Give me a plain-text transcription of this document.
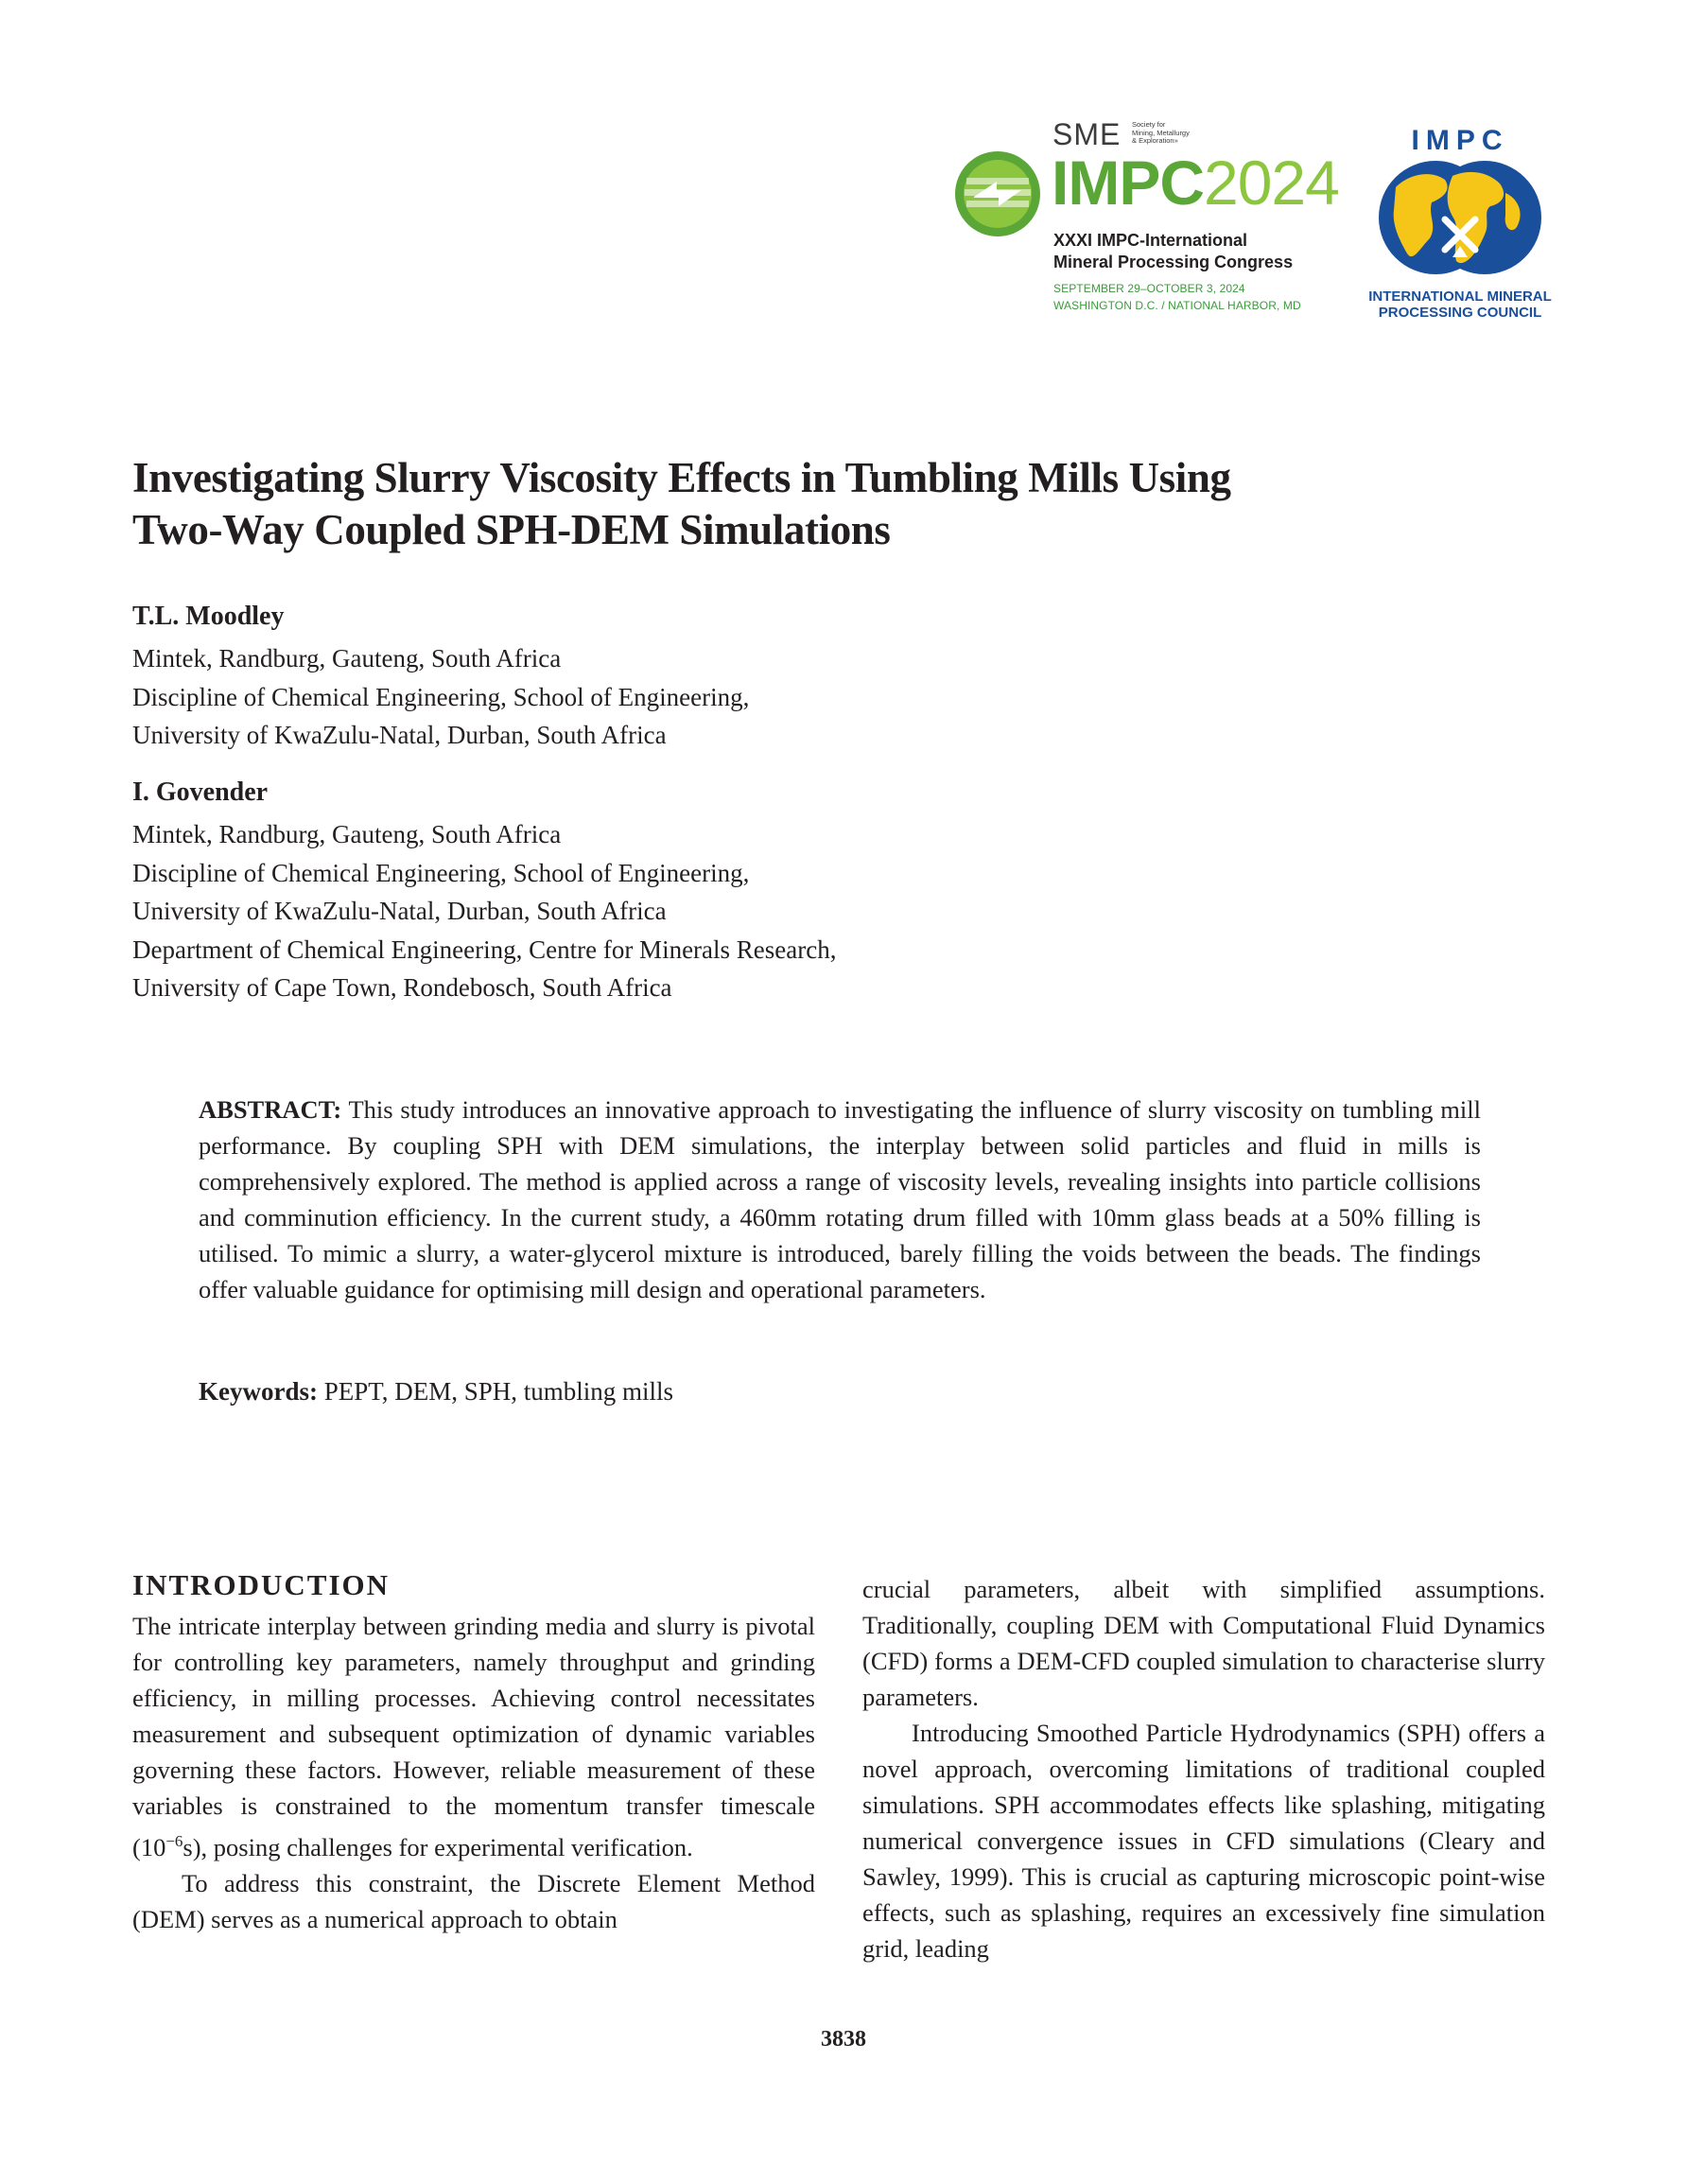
SME Society for
Mining, Metallurgy
& Exploration»
IMPC2024
XXXI IMPC-International
Mineral Processing Congress
SEPTEMBER 29–OCTOBER 3, 2024
WASHINGTON D.C. / NATIONAL HARBOR, MD
IMPC
INTERNATIONAL MINERAL
PROCESSING COUNCIL
Investigating Slurry Viscosity Effects in Tumbling Mills Using
Two-Way Coupled SPH-DEM Simulations
T.L. Moodley
Mintek, Randburg, Gauteng, South Africa
Discipline of Chemical Engineering, School of Engineering,
University of KwaZulu-Natal, Durban, South Africa
I. Govender
Mintek, Randburg, Gauteng, South Africa
Discipline of Chemical Engineering, School of Engineering,
University of KwaZulu-Natal, Durban, South Africa
Department of Chemical Engineering, Centre for Minerals Research,
University of Cape Town, Rondebosch, South Africa

ABSTRACT: This study introduces an innovative approach to investigating the influence of slurry viscosity on tumbling mill performance. By coupling SPH with DEM simulations, the interplay between solid particles and fluid in mills is comprehensively explored. The method is applied across a range of viscosity levels, revealing insights into particle collisions and comminution efficiency. In the current study, a 460mm rotating drum filled with 10mm glass beads at a 50% filling is utilised. To mimic a slurry, a water-glycerol mixture is introduced, barely filling the voids between the beads. The findings offer valuable guidance for optimising mill design and operational parameters.

Keywords: PEPT, DEM, SPH, tumbling mills

INTRODUCTION

The intricate interplay between grinding media and slurry is pivotal for controlling key parameters, namely throughput and grinding efficiency, in milling processes. Achieving control necessitates measurement and subsequent optimization of dynamic variables governing these factors. However, reliable measurement of these variables is constrained to the momentum transfer timescale $(10^{-6}s)$, posing challenges for experimental verification.

To address this constraint, the Discrete Element Method (DEM) serves as a numerical approach to obtain

crucial parameters, albeit with simplified assumptions. Traditionally, coupling DEM with Computational Fluid Dynamics (CFD) forms a DEM-CFD coupled simulation to characterise slurry parameters.

Introducing Smoothed Particle Hydrodynamics (SPH) offers a novel approach, overcoming limitations of traditional coupled simulations. SPH accommodates effects like splashing, mitigating numerical convergence issues in CFD simulations (Cleary and Sawley, 1999). This is crucial as capturing microscopic point-wise effects, such as splashing, requires an excessively fine simulation grid, leading

3838
